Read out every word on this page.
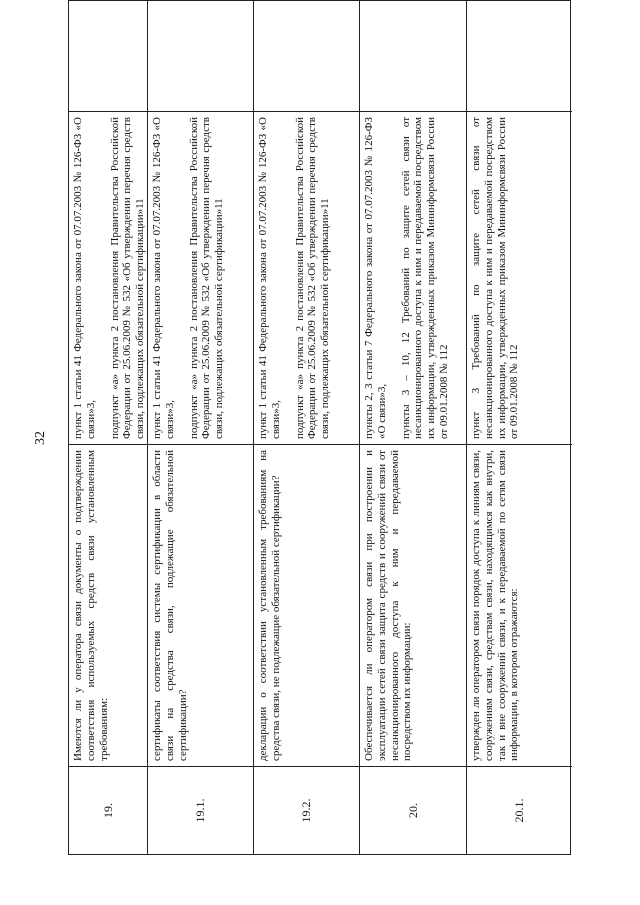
32
19.
Имеются ли у оператора связи документы о подтверждении соответствия используемых средств связи установленным требованиям:
пункт 1 статьи 41 Федерального закона от 07.07.2003 № 126-ФЗ «О связи»3, подпункт «а» пункта 2 постановления Правительства Российской Федерации от 25.06.2009 № 532 «Об утверждении перечня средств связи, подлежащих обязательной сертификации»11
19.1.
сертификаты соответствия системы сертификации в области связи на средства связи, подлежащие обязательной сертификации?
пункт 1 статьи 41 Федерального закона от 07.07.2003 № 126-ФЗ «О связи»3, подпункт «а» пункта 2 постановления Правительства Российской Федерации от 25.06.2009 № 532 «Об утверждении перечня средств связи, подлежащих обязательной сертификации»11
19.2.
декларации о соответствии установленным требованиям на средства связи, не подлежащие обязательной сертификации?
пункт 1 статьи 41 Федерального закона от 07.07.2003 № 126-ФЗ «О связи»3, подпункт «а» пункта 2 постановления Правительства Российской Федерации от 25.06.2009 № 532 «Об утверждении перечня средств связи, подлежащих обязательной сертификации»11
20.
Обеспечивается ли оператором связи при построении и эксплуатации сетей связи защита средств и сооружений связи от несанкционированного доступа к ним и передаваемой посредством их информации:
пункты 2, 3 статьи 7 Федерального закона от 07.07.2003 № 126-ФЗ «О связи»3, пункты 3 – 10, 12 Требований по защите сетей связи от несанкционированного доступа к ним и передаваемой посредством их информации, утвержденных приказом Мининформсвязи России от 09.01.2008 № 112
20.1.
утвержден ли оператором связи порядок доступа к линиям связи, сооружениям связи, средствам связи, находящимся как внутри, так и вне сооружений связи, и к передаваемой по сетям связи информации, в котором отражаются:
пункт 3 Требований по защите сетей связи от несанкционированного доступа к ним и передаваемой посредством их информации, утвержденных приказом Мининформсвязи России от 09.01.2008 № 112
